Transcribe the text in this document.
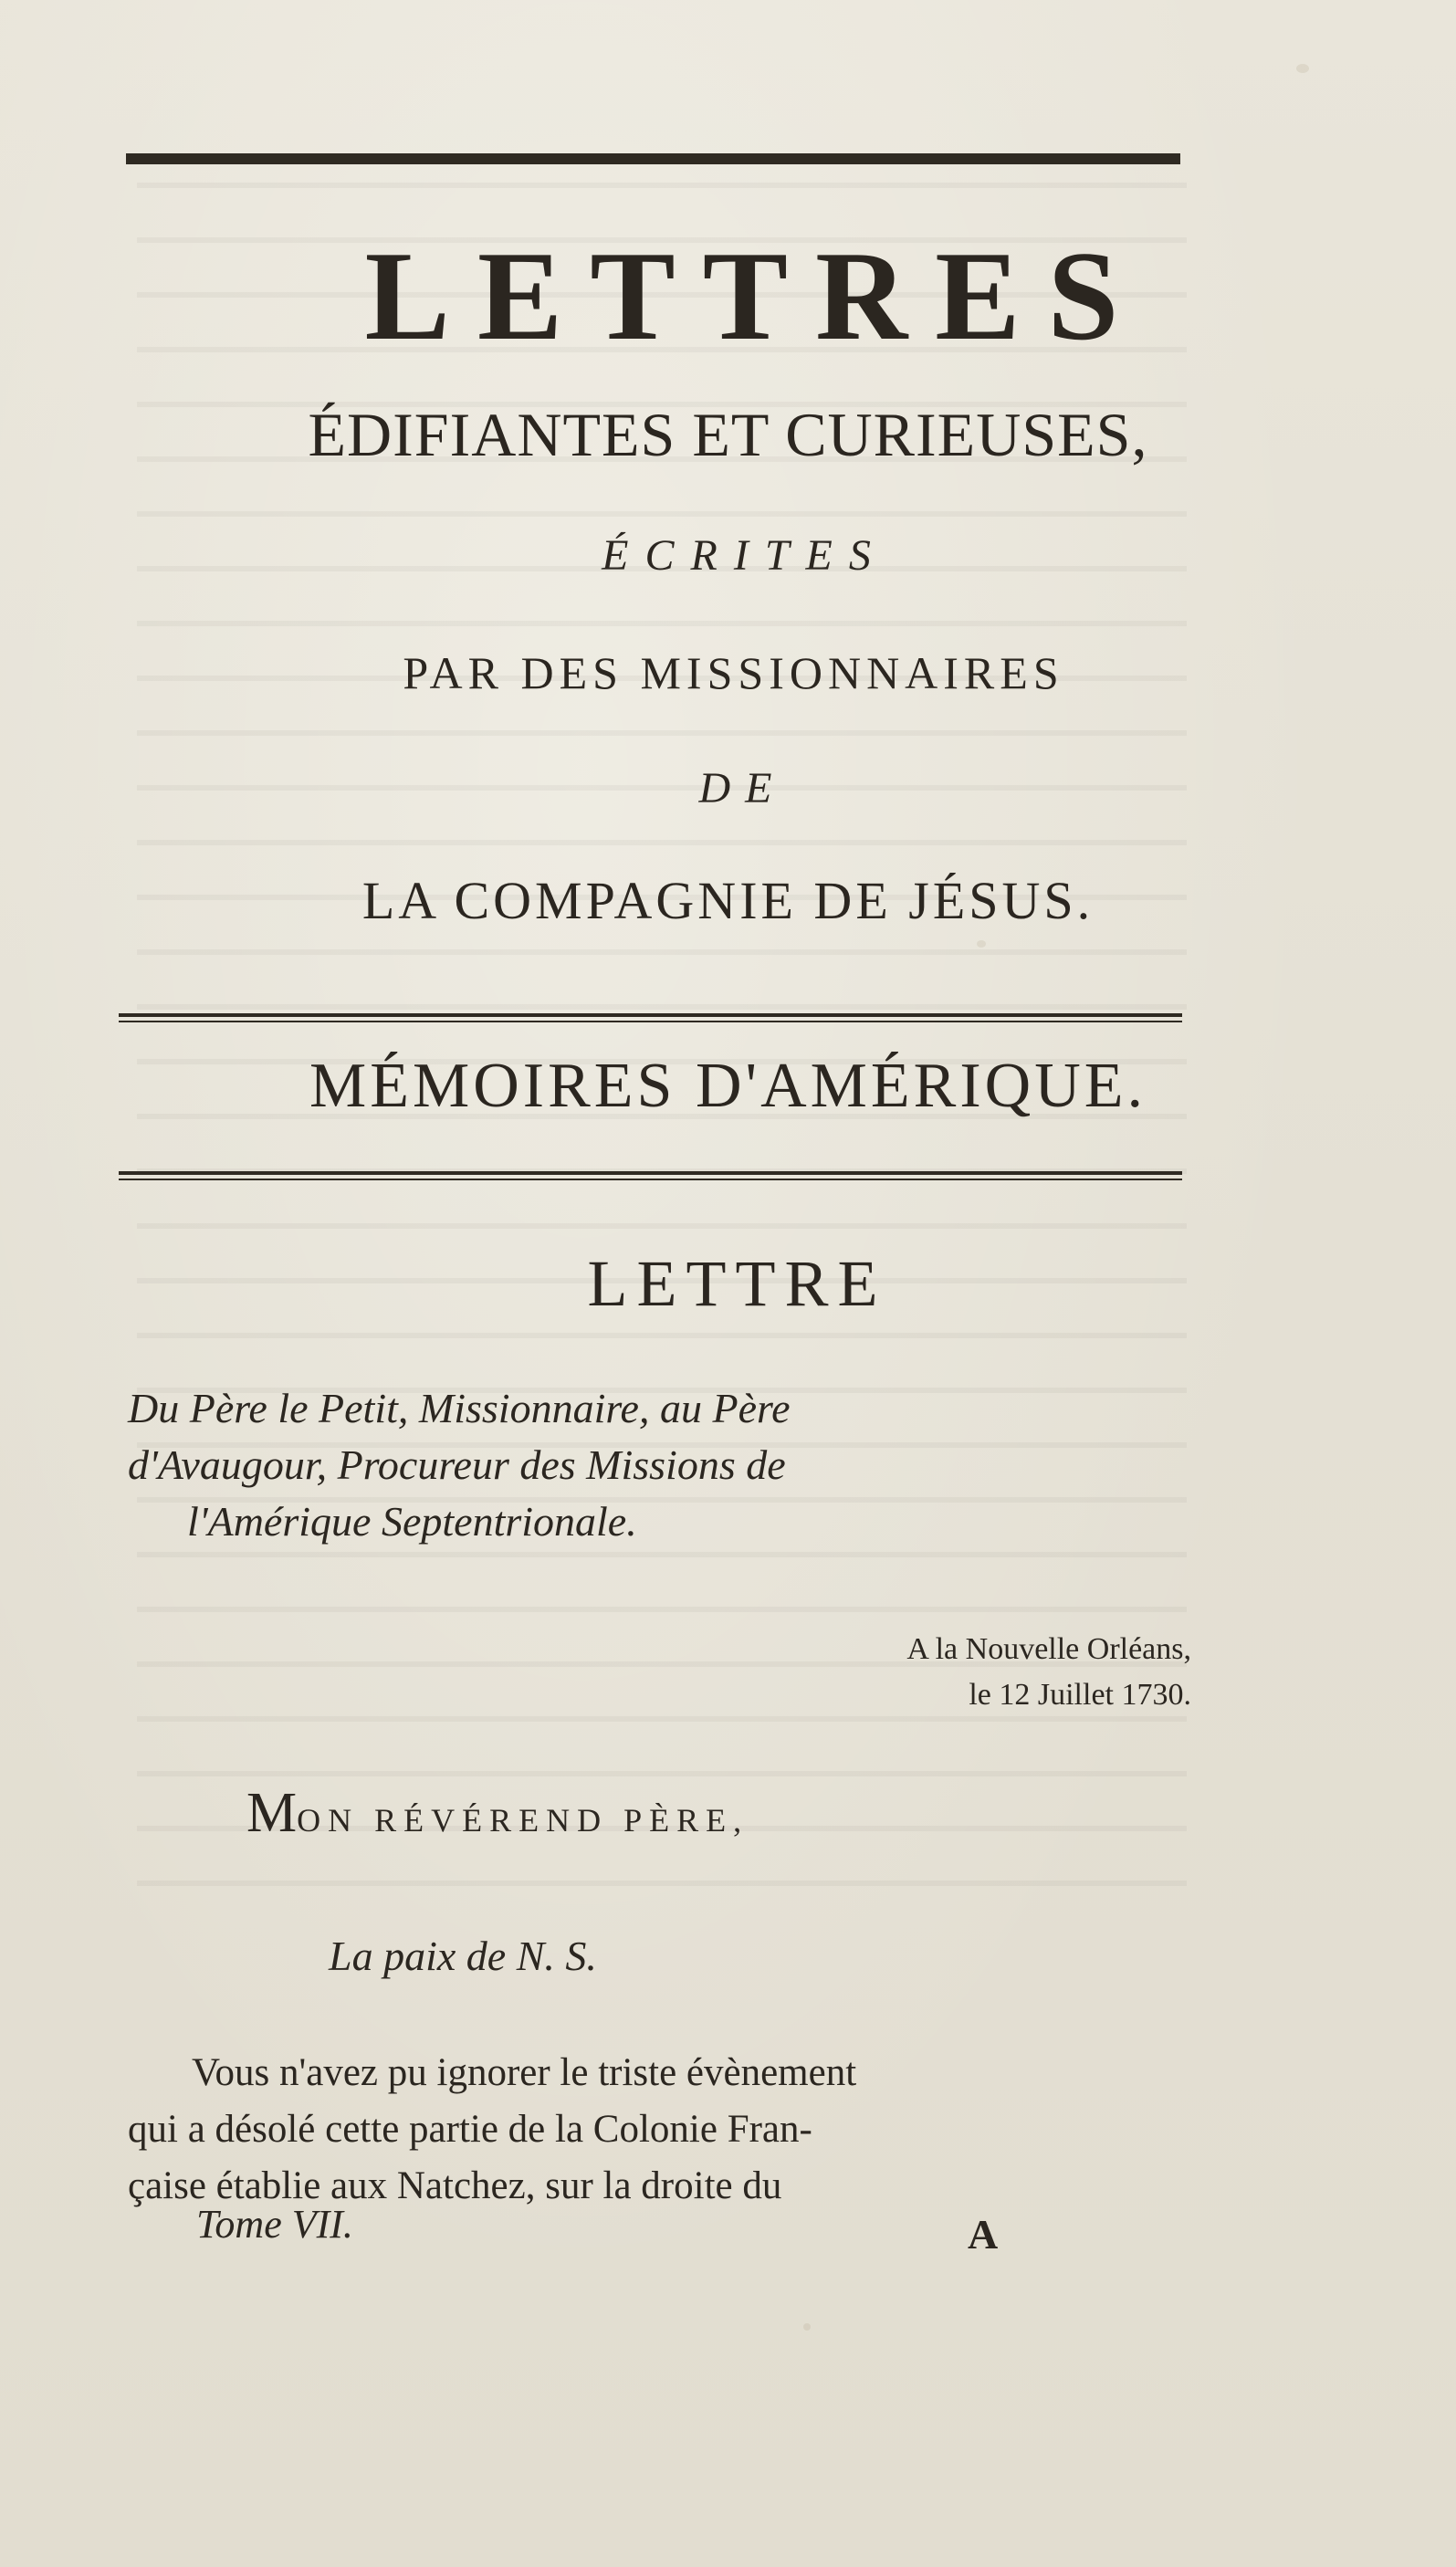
LETTRES
ÉDIFIANTES ET CURIEUSES,
ÉCRITES
PAR DES MISSIONNAIRES
DE
LA COMPAGNIE DE JÉSUS.
MÉMOIRES D'AMÉRIQUE.
LETTRE
Du Père le Petit, Missionnaire, au Père
d'Avaugour, Procureur des Missions de
l'Amérique Septentrionale.
A la Nouvelle Orléans,
le 12 Juillet 1730.
MON RÉVÉREND PÈRE,
La paix de N. S.
Vous n'avez pu ignorer le triste évènement
qui a désolé cette partie de la Colonie Fran-
çaise établie aux Natchez, sur la droite du
Tome VII.	A
